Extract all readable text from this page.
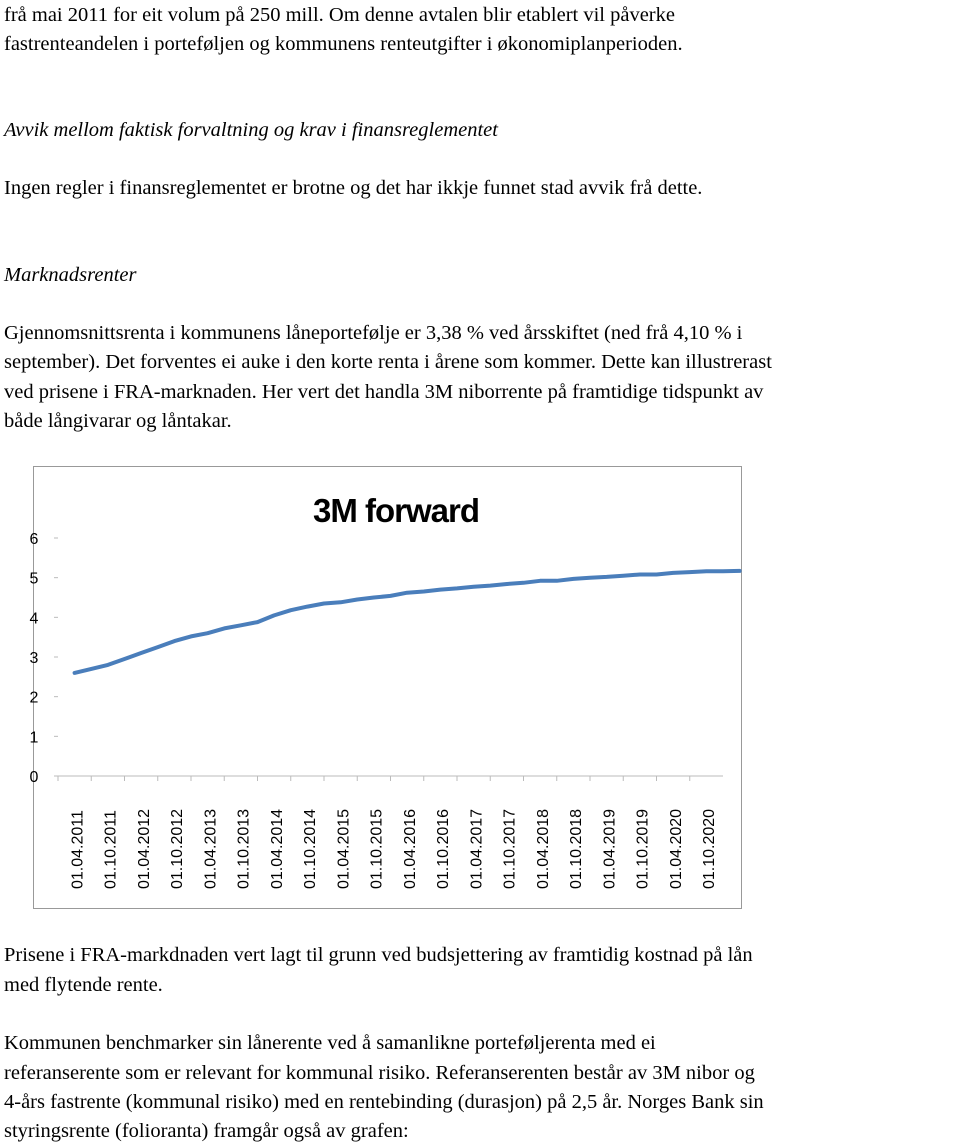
frå mai 2011 for eit volum på 250 mill. Om denne avtalen blir etablert vil påverke

fastrenteandelen i porteføljen og kommunens renteutgifter i økonomiplanperioden.

Avvik mellom faktisk forvaltning og krav i finansreglementet

Ingen regler i finansreglementet er brotne og det har ikkje funnet stad avvik frå dette.

Marknadsrenter

Gjennomsnittsrenta i kommunens låneportefølje er 3,38 % ved årsskiftet (ned frå 4,10 % i

september). Det forventes ei auke i den korte renta i årene som kommer. Dette kan illustrerast

ved prisene i FRA-marknaden. Her vert det handla 3M niborrente på framtidige tidspunkt av

både långivarar og låntakar.

3M forward
0
1
2
3
4
5
6
01.04.2011 01.10.2011 01.04.2012 01.10.2012 01.04.2013 01.10.2013 01.04.2014 01.10.2014 01.04.2015 01.10.2015 01.04.2016 01.10.2016 01.04.2017 01.10.2017 01.04.2018 01.10.2018 01.04.2019 01.10.2019 01.04.2020 01.10.2020

Prisene i FRA-markdnaden vert lagt til grunn ved budsjettering av framtidig kostnad på lån

med flytende rente.

Kommunen benchmarker sin lånerente ved å samanlikne porteføljerenta med ei

referanserente som er relevant for kommunal risiko. Referanserenten består av 3M nibor og

4-års fastrente (kommunal risiko) med en rentebinding (durasjon) på 2,5 år. Norges Bank sin

styringsrente (folioranta) framgår også av grafen:
